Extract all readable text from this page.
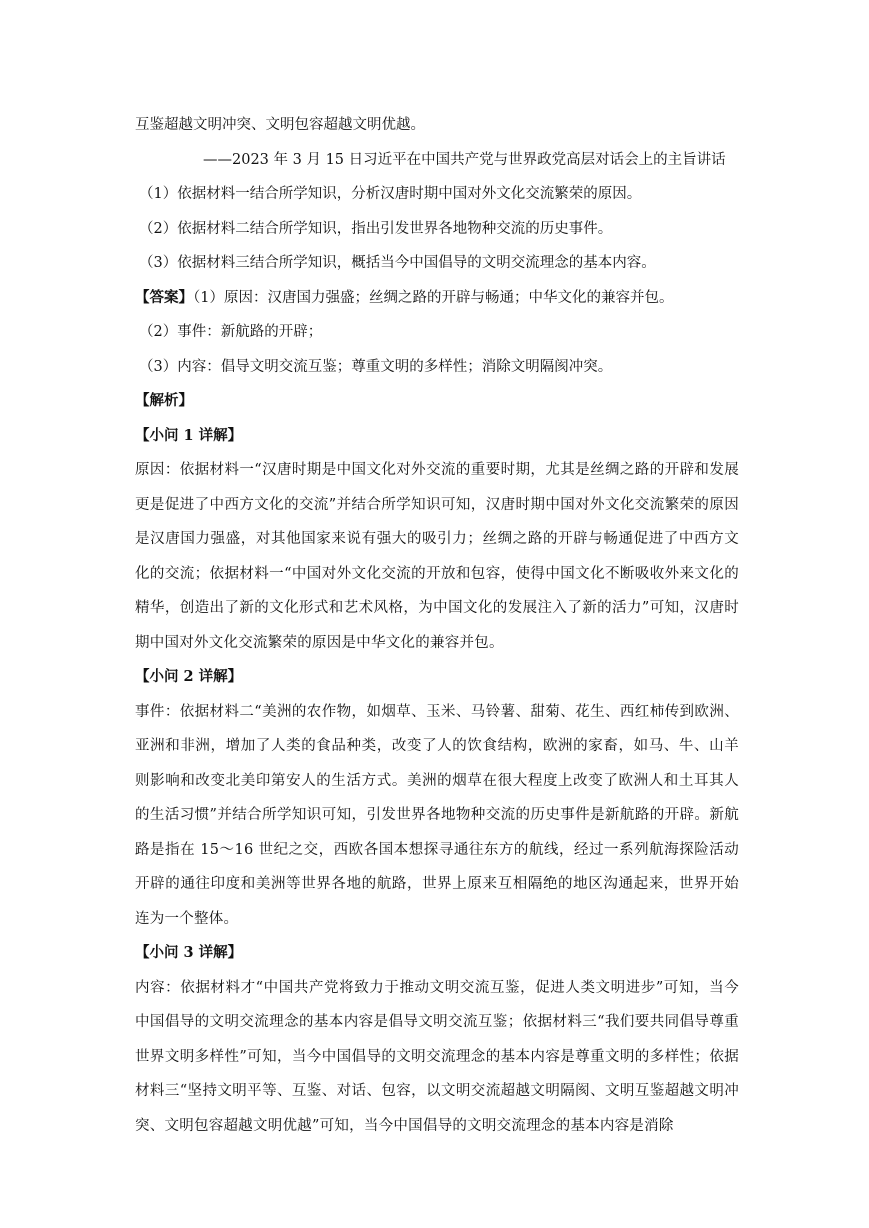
互鉴超越文明冲突、文明包容超越文明优越。

——2023 年 3 月 15 日习近平在中国共产党与世界政党高层对话会上的主旨讲话

（1）依据材料一结合所学知识，分析汉唐时期中国对外文化交流繁荣的原因。

（2）依据材料二结合所学知识，指出引发世界各地物种交流的历史事件。

（3）依据材料三结合所学知识，概括当今中国倡导的文明交流理念的基本内容。

【答案】（1）原因：汉唐国力强盛；丝绸之路的开辟与畅通；中华文化的兼容并包。

（2）事件：新航路的开辟；

（3）内容：倡导文明交流互鉴；尊重文明的多样性；消除文明隔阂冲突。

【解析】

【小问 1 详解】

原因：依据材料一“汉唐时期是中国文化对外交流的重要时期，尤其是丝绸之路的开辟和发展更是促进了中西方文化的交流”并结合所学知识可知，汉唐时期中国对外文化交流繁荣的原因是汉唐国力强盛，对其他国家来说有强大的吸引力；丝绸之路的开辟与畅通促进了中西方文化的交流；依据材料一“中国对外文化交流的开放和包容，使得中国文化不断吸收外来文化的精华，创造出了新的文化形式和艺术风格，为中国文化的发展注入了新的活力”可知，汉唐时期中国对外文化交流繁荣的原因是中华文化的兼容并包。

【小问 2 详解】

事件：依据材料二“美洲的农作物，如烟草、玉米、马铃薯、甜菊、花生、西红柿传到欧洲、亚洲和非洲，增加了人类的食品种类，改变了人的饮食结构，欧洲的家畜，如马、牛、山羊则影响和改变北美印第安人的生活方式。美洲的烟草在很大程度上改变了欧洲人和土耳其人的生活习惯”并结合所学知识可知，引发世界各地物种交流的历史事件是新航路的开辟。新航路是指在 15～16 世纪之交，西欧各国本想探寻通往东方的航线，经过一系列航海探险活动开辟的通往印度和美洲等世界各地的航路，世界上原来互相隔绝的地区沟通起来，世界开始连为一个整体。

【小问 3 详解】

内容：依据材料才“中国共产党将致力于推动文明交流互鉴，促进人类文明进步”可知，当今中国倡导的文明交流理念的基本内容是倡导文明交流互鉴；依据材料三“我们要共同倡导尊重世界文明多样性”可知，当今中国倡导的文明交流理念的基本内容是尊重文明的多样性；依据材料三“坚持文明平等、互鉴、对话、包容，以文明交流超越文明隔阂、文明互鉴超越文明冲突、文明包容超越文明优越”可知，当今中国倡导的文明交流理念的基本内容是消除
